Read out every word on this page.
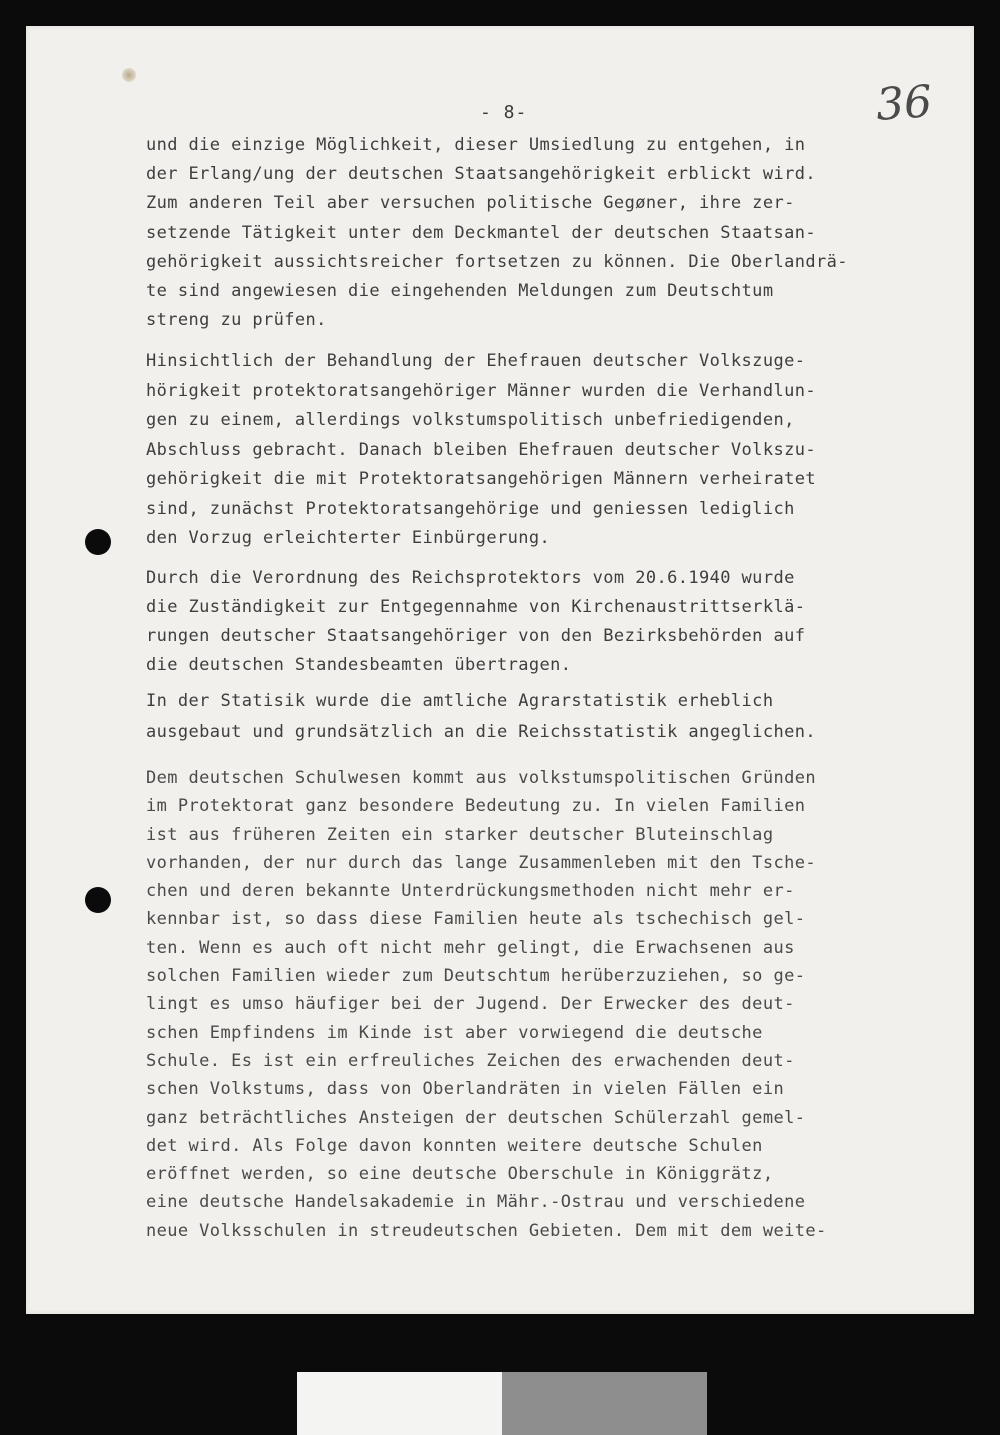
- 8-	36
und die einzige Möglichkeit, dieser Umsiedlung zu entgehen, in
der Erlang/ung der deutschen Staatsangehörigkeit erblickt wird.
Zum anderen Teil aber versuchen politische Gegøner, ihre zer-
setzende Tätigkeit unter dem Deckmantel der deutschen Staatsan-
gehörigkeit aussichtsreicher fortsetzen zu können. Die Oberlandrä-
te sind angewiesen die eingehenden Meldungen zum Deutschtum
streng zu prüfen.
Hinsichtlich der Behandlung der Ehefrauen deutscher Volkszuge-
hörigkeit protektoratsangehöriger Männer wurden die Verhandlun-
gen zu einem, allerdings volkstumspolitisch unbefriedigenden,
Abschluss gebracht. Danach bleiben Ehefrauen deutscher Volkszu-
gehörigkeit die mit Protektoratsangehörigen Männern verheiratet
sind, zunächst Protektoratsangehörige und geniessen lediglich
den Vorzug erleichterter Einbürgerung.
Durch die Verordnung des Reichsprotektors vom 20.6.1940 wurde
die Zuständigkeit zur Entgegennahme von Kirchenaustrittserklä-
rungen deutscher Staatsangehöriger von den Bezirksbehörden auf
die deutschen Standesbeamten übertragen.
In der Statisik wurde die amtliche Agrarstatistik erheblich
ausgebaut und grundsätzlich an die Reichsstatistik angeglichen.
Dem deutschen Schulwesen kommt aus volkstumspolitischen Gründen
im Protektorat ganz besondere Bedeutung zu. In vielen Familien
ist aus früheren Zeiten ein starker deutscher Bluteinschlag
vorhanden, der nur durch das lange Zusammenleben mit den Tsche-
chen und deren bekannte Unterdrückungsmethoden nicht mehr er-
kennbar ist, so dass diese Familien heute als tschechisch gel-
ten. Wenn es auch oft nicht mehr gelingt, die Erwachsenen aus
solchen Familien wieder zum Deutschtum herüberzuziehen, so ge-
lingt es umso häufiger bei der Jugend. Der Erwecker des deut-
schen Empfindens im Kinde ist aber vorwiegend die deutsche
Schule. Es ist ein erfreuliches Zeichen des erwachenden deut-
schen Volkstums, dass von Oberlandräten in vielen Fällen ein
ganz beträchtliches Ansteigen der deutschen Schülerzahl gemel-
det wird. Als Folge davon konnten weitere deutsche Schulen
eröffnet werden, so eine deutsche Oberschule in Königgrätz,
eine deutsche Handelsakademie in Mähr.-Ostrau und verschiedene
neue Volksschulen in streudeutschen Gebieten. Dem mit dem weite-
